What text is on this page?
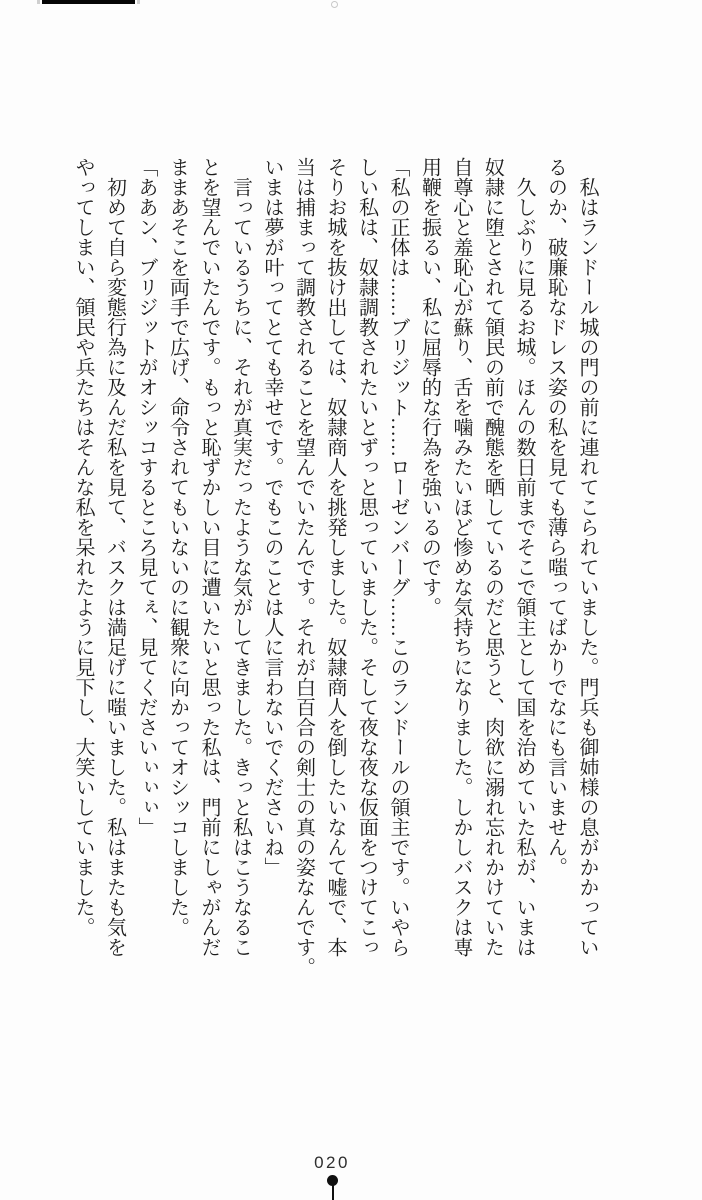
　私はランドール城の門の前に連れてこられていました。門兵も御姉様の息がかかってい
るのか、破廉恥なドレス姿の私を見ても薄ら嗤ってばかりでなにも言いません。
　久しぶりに見るお城。ほんの数日前までそこで領主として国を治めていた私が、いまは
奴隷に堕とされて領民の前で醜態を晒しているのだと思うと、肉欲に溺れ忘れかけていた
自尊心と羞恥心が蘇り、舌を噛みたいほど惨めな気持ちになりました。しかしバスクは専
用鞭を振るい、私に屈辱的な行為を強いるのです。
「私の正体は……ブリジット……ローゼンバーグ……このランドールの領主です。いやら
しい私は、奴隷調教されたいとずっと思っていました。そして夜な夜な仮面をつけてこっ
そりお城を抜け出しては、奴隷商人を挑発しました。奴隷商人を倒したいなんて嘘で、本
当は捕まって調教されることを望んでいたんです。それが白百合の剣士の真の姿なんです。
いまは夢が叶ってとても幸せです。でもこのことは人に言わないでくださいね」
　言っているうちに、それが真実だったような気がしてきました。きっと私はこうなるこ
とを望んでいたんです。もっと恥ずかしい目に遭いたいと思った私は、門前にしゃがんだ
ままあそこを両手で広げ、命令されてもいないのに観衆に向かってオシッコしました。
「ああン、ブリジットがオシッコするところ見てぇ、見てくださいぃぃぃ」
　初めて自ら変態行為に及んだ私を見て、バスクは満足げに嗤いました。私はまたも気を
やってしまい、領民や兵たちはそんな私を呆れたように見下し、大笑いしていました。
020
